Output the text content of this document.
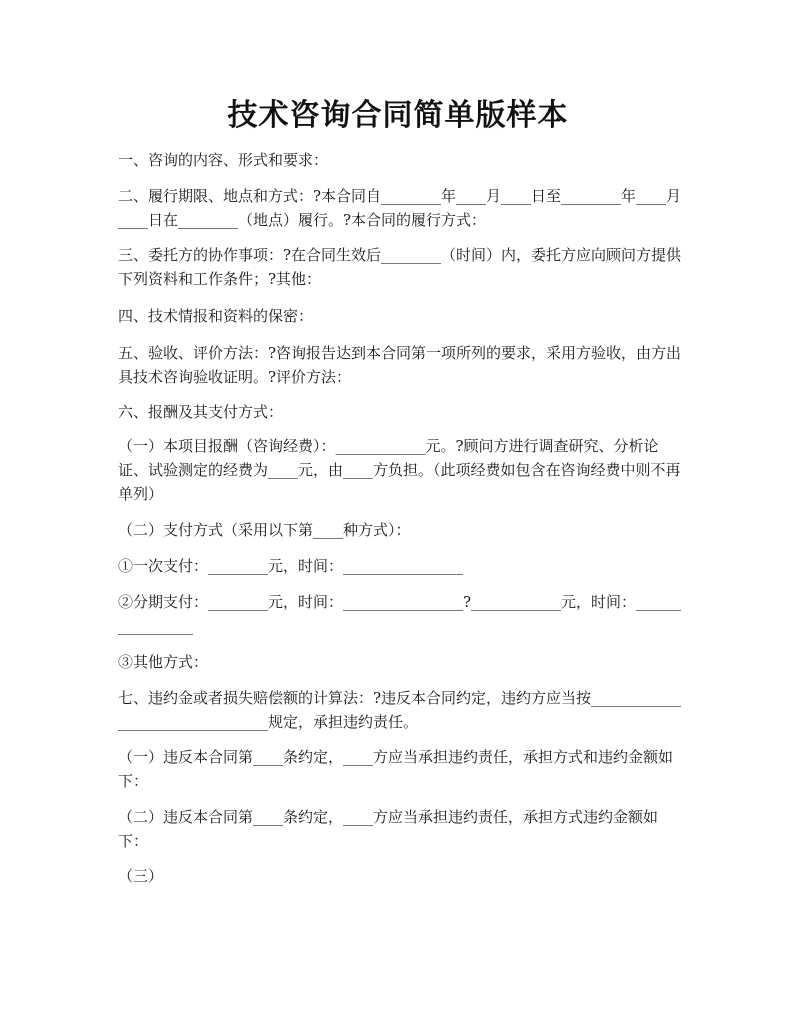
技术咨询合同简单版样本
一、咨询的内容、形式和要求：
二、履行期限、地点和方式：?本合同自________年____月____日至________年____月____日在________（地点）履行。?本合同的履行方式：
三、委托方的协作事项：?在合同生效后________（时间）内，委托方应向顾问方提供下列资料和工作条件；?其他：
四、技术情报和资料的保密：
五、验收、评价方法：?咨询报告达到本合同第一项所列的要求，采用方验收，由方出具技术咨询验收证明。?评价方法：
六、报酬及其支付方式：
（一）本项目报酬（咨询经费）：____________元。?顾问方进行调查研究、分析论证、试验测定的经费为____元，由____方负担。（此项经费如包含在咨询经费中则不再单列）
（二）支付方式（采用以下第____种方式）：
①一次支付：________元，时间：________________
②分期支付：________元，时间：________________?____________元，时间：________________
③其他方式：
七、违约金或者损失赔偿额的计算法：?违反本合同约定，违约方应当按________________________________规定，承担违约责任。
（一）违反本合同第____条约定，____方应当承担违约责任，承担方式和违约金额如下：
（二）违反本合同第____条约定，____方应当承担违约责任，承担方式违约金额如下：
（三）
